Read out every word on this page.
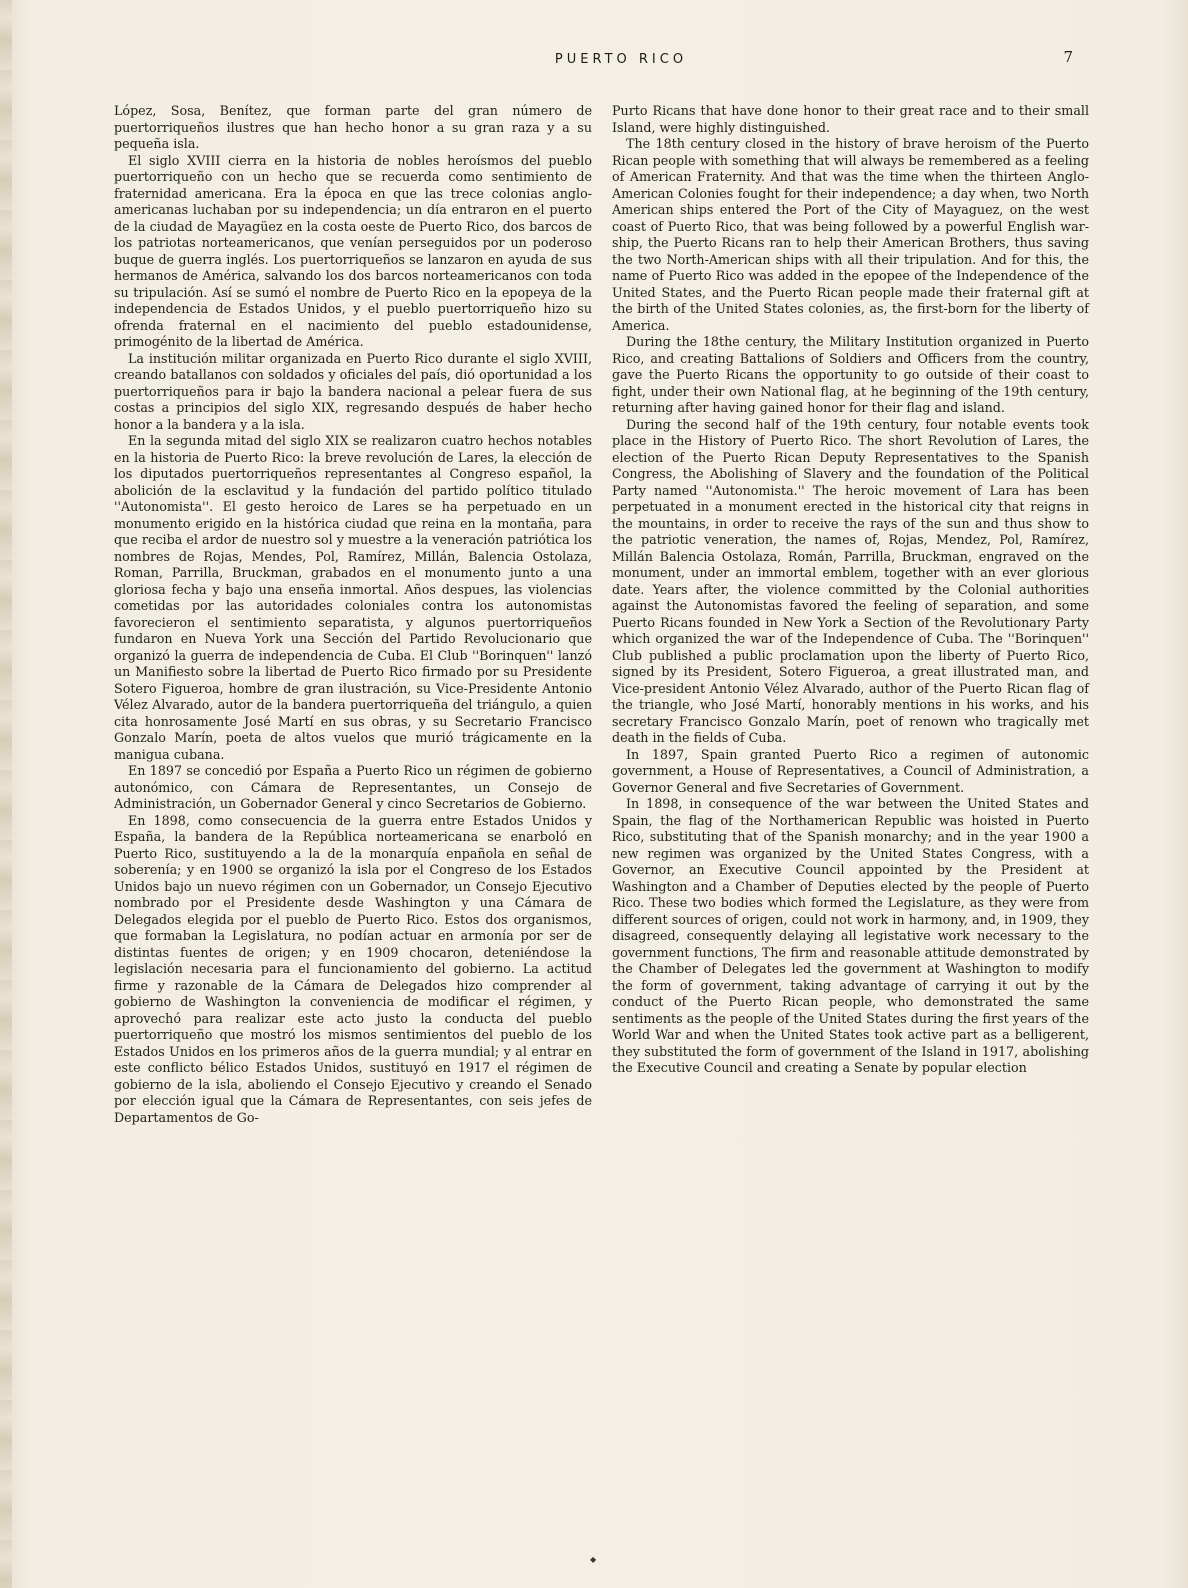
PUERTO RICO	7

López, Sosa, Benítez, que forman parte del gran número de puertorriqueños ilustres que han hecho honor a su gran raza y a su pequeña isla.

El siglo XVIII cierra en la historia de nobles heroísmos del pueblo puertorriqueño con un hecho que se recuerda como sentimiento de fraternidad americana. Era la época en que las trece colonias anglo-americanas luchaban por su independencia; un día entraron en el puerto de la ciudad de Mayagüez en la costa oeste de Puerto Rico, dos barcos de los patriotas norteamericanos, que venían perseguidos por un poderoso buque de guerra inglés. Los puertorriqueños se lanzaron en ayuda de sus hermanos de América, salvando los dos barcos norteamericanos con toda su tripulación. Así se sumó el nombre de Puerto Rico en la epopeya de la independencia de Estados Unidos, y el pueblo puertorriqueño hizo su ofrenda fraternal en el nacimiento del pueblo estadounidense, primogénito de la libertad de América.

La institución militar organizada en Puerto Rico durante el siglo XVIII, creando batallanos con soldados y oficiales del país, dió oportunidad a los puertorriqueños para ir bajo la bandera nacional a pelear fuera de sus costas a principios del siglo XIX, regresando después de haber hecho honor a la bandera y a la isla.

En la segunda mitad del siglo XIX se realizaron cuatro hechos notables en la historia de Puerto Rico: la breve revolución de Lares, la elección de los diputados puertorriqueños representantes al Congreso español, la abolición de la esclavitud y la fundación del partido político titulado ''Autonomista''. El gesto heroico de Lares se ha perpetuado en un monumento erigido en la histórica ciudad que reina en la montaña, para que reciba el ardor de nuestro sol y muestre a la veneración patriótica los nombres de Rojas, Mendes, Pol, Ramírez, Millán, Balencia Ostolaza, Roman, Parrilla, Bruckman, grabados en el monumento junto a una gloriosa fecha y bajo una enseña inmortal. Años despues, las violencias cometidas por las autoridades coloniales contra los autonomistas favorecieron el sentimiento separatista, y algunos puertorriqueños fundaron en Nueva York una Sección del Partido Revolucionario que organizó la guerra de independencia de Cuba. El Club ''Borinquen'' lanzó un Manifiesto sobre la libertad de Puerto Rico firmado por su Presidente Sotero Figueroa, hombre de gran ilustración, su Vice-Presidente Antonio Vélez Alvarado, autor de la bandera puertorriqueña del triángulo, a quien cita honrosamente José Martí en sus obras, y su Secretario Francisco Gonzalo Marín, poeta de altos vuelos que murió trágicamente en la manigua cubana.

En 1897 se concedió por España a Puerto Rico un régimen de gobierno autonómico, con Cámara de Representantes, un Consejo de Administración, un Gobernador General y cinco Secretarios de Gobierno.

En 1898, como consecuencia de la guerra entre Estados Unidos y España, la bandera de la República norteamericana se enarboló en Puerto Rico, sustituyendo a la de la monarquía enpañola en señal de soberenía; y en 1900 se organizó la isla por el Congreso de los Estados Unidos bajo un nuevo régimen con un Gobernador, un Consejo Ejecutivo nombrado por el Presidente desde Washington y una Cámara de Delegados elegida por el pueblo de Puerto Rico. Estos dos organismos, que formaban la Legislatura, no podían actuar en armonía por ser de distintas fuentes de origen; y en 1909 chocaron, deteniéndose la legislación necesaria para el funcionamiento del gobierno. La actitud firme y razonable de la Cámara de Delegados hizo comprender al gobierno de Washington la conveniencia de modificar el régimen, y aprovechó para realizar este acto justo la conducta del pueblo puertorriqueño que mostró los mismos sentimientos del pueblo de los Estados Unidos en los primeros años de la guerra mundial; y al entrar en este conflicto bélico Estados Unidos, sustituyó en 1917 el régimen de gobierno de la isla, aboliendo el Consejo Ejecutivo y creando el Senado por elección igual que la Cámara de Representantes, con seis jefes de Departamentos de Go-

Purto Ricans that have done honor to their great race and to their small Island, were highly distinguished.

The 18th century closed in the history of brave heroism of the Puerto Rican people with something that will always be remembered as a feeling of American Fraternity. And that was the time when the thirteen Anglo-American Colonies fought for their independence; a day when, two North American ships entered the Port of the City of Mayaguez, on the west coast of Puerto Rico, that was being followed by a powerful English war-ship, the Puerto Ricans ran to help their American Brothers, thus saving the two North-American ships with all their tripulation. And for this, the name of Puerto Rico was added in the epopee of the Independence of the United States, and the Puerto Rican people made their fraternal gift at the birth of the United States colonies, as, the first-born for the liberty of America.

During the 18the century, the Military Institution organized in Puerto Rico, and creating Battalions of Soldiers and Officers from the country, gave the Puerto Ricans the opportunity to go outside of their coast to fight, under their own National flag, at he beginning of the 19th century, returning after having gained honor for their flag and island.

During the second half of the 19th century, four notable events took place in the History of Puerto Rico. The short Revolution of Lares, the election of the Puerto Rican Deputy Representatives to the Spanish Congress, the Abolishing of Slavery and the foundation of the Political Party named ''Autonomista.'' The heroic movement of Lara has been perpetuated in a monument erected in the historical city that reigns in the mountains, in order to receive the rays of the sun and thus show to the patriotic veneration, the names of, Rojas, Mendez, Pol, Ramírez, Millán Balencia Ostolaza, Román, Parrilla, Bruckman, engraved on the monument, under an immortal emblem, together with an ever glorious date. Years after, the violence committed by the Colonial authorities against the Autonomistas favored the feeling of separation, and some Puerto Ricans founded in New York a Section of the Revolutionary Party which organized the war of the Independence of Cuba. The ''Borinquen'' Club published a public proclamation upon the liberty of Puerto Rico, signed by its President, Sotero Figueroa, a great illustrated man, and Vice-president Antonio Vélez Alvarado, author of the Puerto Rican flag of the triangle, who José Martí, honorably mentions in his works, and his secretary Francisco Gonzalo Marín, poet of renown who tragically met death in the fields of Cuba.

In 1897, Spain granted Puerto Rico a regimen of autonomic government, a House of Representatives, a Council of Administration, a Governor General and five Secretaries of Government.

In 1898, in consequence of the war between the United States and Spain, the flag of the Northamerican Republic was hoisted in Puerto Rico, substituting that of the Spanish monarchy; and in the year 1900 a new regimen was organized by the United States Congress, with a Governor, an Executive Council appointed by the President at Washington and a Chamber of Deputies elected by the people of Puerto Rico. These two bodies which formed the Legislature, as they were from different sources of origen, could not work in harmony, and, in 1909, they disagreed, consequently delaying all legistative work necessary to the government functions, The firm and reasonable attitude demonstrated by the Chamber of Delegates led the government at Washington to modify the form of government, taking advantage of carrying it out by the conduct of the Puerto Rican people, who demonstrated the same sentiments as the people of the United States during the first years of the World War and when the United States took active part as a belligerent, they substituted the form of government of the Island in 1917, abolishing the Executive Council and creating a Senate by popular election

◆
